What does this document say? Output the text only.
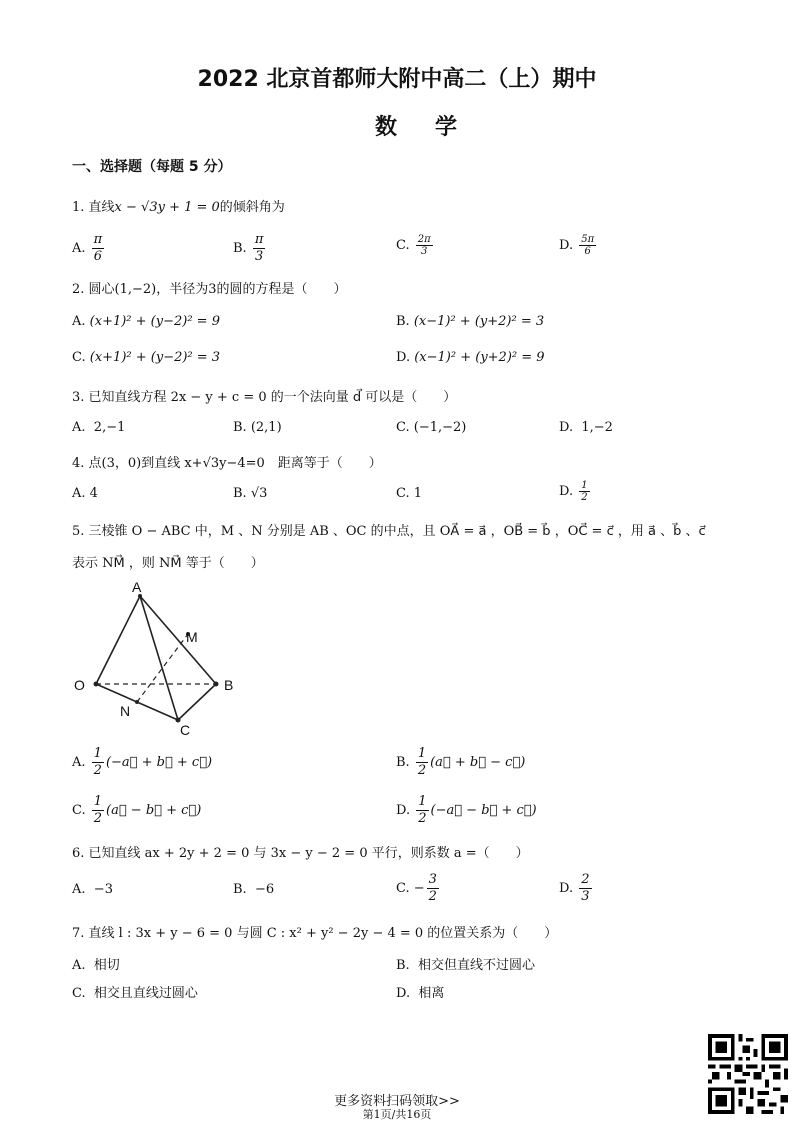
2022 北京首都师大附中高二（上）期中
数学
一、选择题（每题 5 分）
1. 直线x − √3y + 1 = 0的倾斜角为
A. $\frac{\pi}{6}$	B. $\frac{\pi}{3}$	C. $\frac{2\pi}{3}$	D. $\frac{5\pi}{6}$
2. 圆心(1,−2)，半径为3的圆的方程是（　　）
A. (x+1)² + (y−2)² = 9	B. (x−1)² + (y+2)² = 3
C. (x+1)² + (y−2)² = 3	D. (x−1)² + (y+2)² = 9
3. 已知直线方程 2x − y + c = 0 的一个法向量 d⃗ 可以是（　　）
A. 2,−1	B. (2,1)	C. (−1,−2)	D. 1,−2
4. 点(3，0)到直线 x+√3y−4=0　距离等于（　　）
A. 4	B. √3	C. 1	D. $\frac{1}{2}$
5. 三棱锥 O − ABC 中，M 、N 分别是 AB 、OC 的中点，且 OA⃗ = a⃗ ，OB⃗ = b⃗ ，OC⃗ = c⃗ ，用 a⃗ 、b⃗ 、c⃗
表示 NM⃗ ，则 NM⃗ 等于（　　）
A
M
O	B
N
C
A. $\frac{1}{2}$ (−a⃗ + b⃗ + c⃗)	B. $\frac{1}{2}$ (a⃗ + b⃗ − c⃗)
C. $\frac{1}{2}$ (a⃗ − b⃗ + c⃗)	D. $\frac{1}{2}$ (−a⃗ − b⃗ + c⃗)
6. 已知直线 ax + 2y + 2 = 0 与 3x − y − 2 = 0 平行，则系数 a =（　　）
A. −3	B. −6	C. − $\frac{3}{2}$	D. $\frac{2}{3}$
7. 直线 l : 3x + y − 6 = 0 与圆 C : x² + y² − 2y − 4 = 0 的位置关系为（　　）
A. 相切	B. 相交但直线不过圆心
C. 相交且直线过圆心	D. 相离
更多资料扫码领取>>
第1页/共16页
